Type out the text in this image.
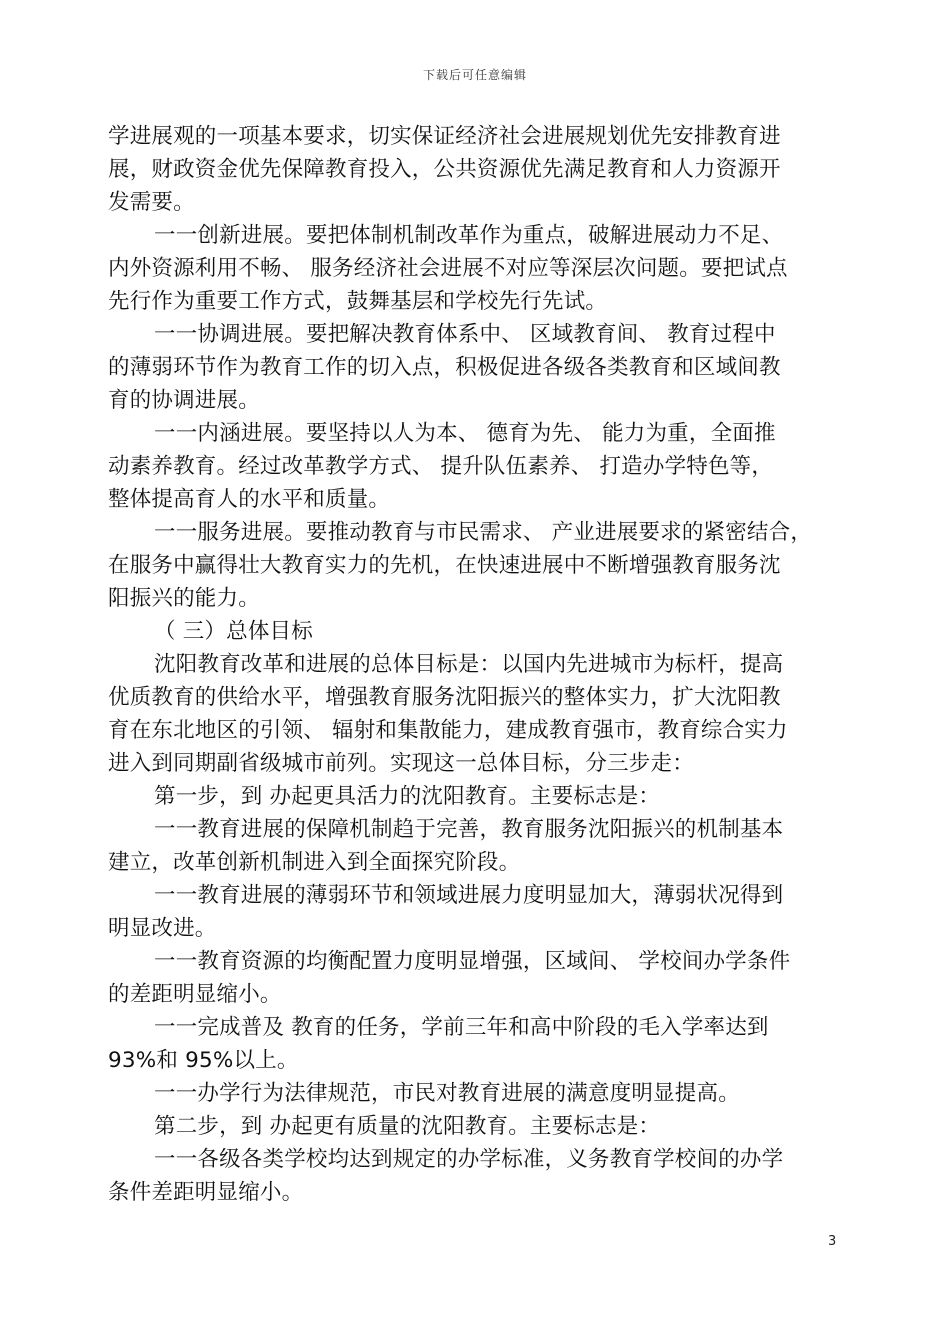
下载后可任意编辑
学进展观的一项基本要求，切实保证经济社会进展规划优先安排教育进
展，财政资金优先保障教育投入，公共资源优先满足教育和人力资源开
发需要。
一一创新进展。要把体制机制改革作为重点，破解进展动力不足、
内外资源利用不畅、 服务经济社会进展不对应等深层次问题。要把试点
先行作为重要工作方式，鼓舞基层和学校先行先试。
一一协调进展。要把解决教育体系中、 区域教育间、 教育过程中
的薄弱环节作为教育工作的切入点，积极促进各级各类教育和区域间教
育的协调进展。
一一内涵进展。要坚持以人为本、 德育为先、 能力为重，全面推
动素养教育。经过改革教学方式、 提升队伍素养、 打造办学特色等，
整体提高育人的水平和质量。
一一服务进展。要推动教育与市民需求、 产业进展要求的紧密结合，
在服务中赢得壮大教育实力的先机，在快速进展中不断增强教育服务沈
阳振兴的能力。
（ 三）总体目标
沈阳教育改革和进展的总体目标是：以国内先进城市为标杆，提高
优质教育的供给水平，增强教育服务沈阳振兴的整体实力，扩大沈阳教
育在东北地区的引领、 辐射和集散能力，建成教育强市，教育综合实力
进入到同期副省级城市前列。实现这一总体目标，分三步走：
第一步，到 办起更具活力的沈阳教育。主要标志是：
一一教育进展的保障机制趋于完善，教育服务沈阳振兴的机制基本
建立，改革创新机制进入到全面探究阶段。
一一教育进展的薄弱环节和领域进展力度明显加大，薄弱状况得到
明显改进。
一一教育资源的均衡配置力度明显增强，区域间、 学校间办学条件
的差距明显缩小。
一一完成普及 教育的任务，学前三年和高中阶段的毛入学率达到
93%和 95%以上。
一一办学行为法律规范，市民对教育进展的满意度明显提高。
第二步，到 办起更有质量的沈阳教育。主要标志是：
一一各级各类学校均达到规定的办学标准，义务教育学校间的办学
条件差距明显缩小。
3
